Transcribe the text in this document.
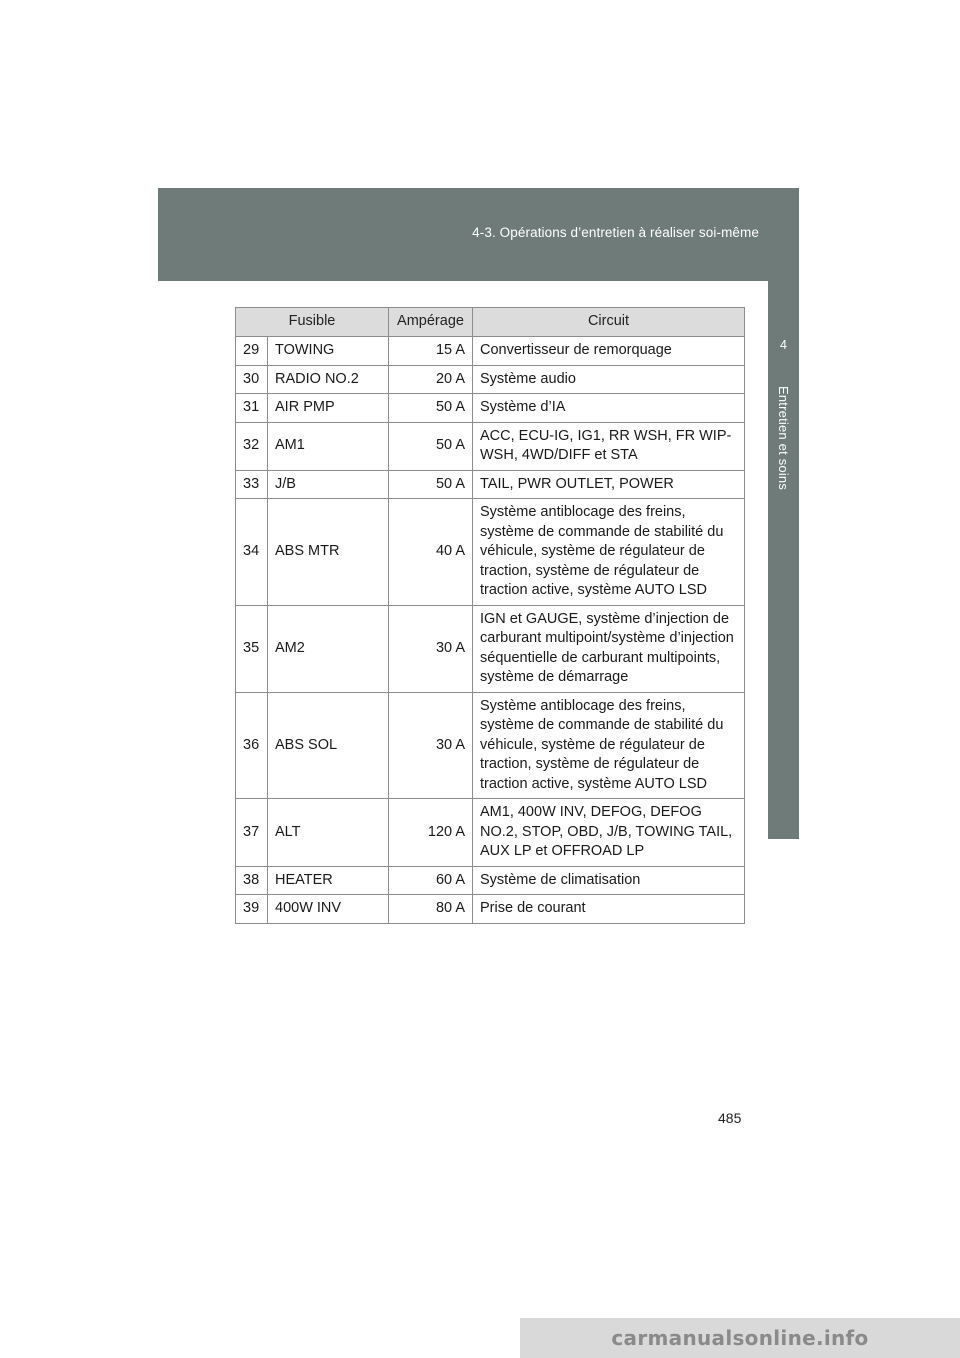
4-3. Opérations d’entretien à réaliser soi-même
4
Entretien et soins
Fusible		Ampérage	Circuit
29	TOWING	15 A	Convertisseur de remorquage
30	RADIO NO.2	20 A	Système audio
31	AIR PMP	50 A	Système d’IA
32	AM1	50 A	ACC, ECU-IG, IG1, RR WSH, FR WIP-WSH, 4WD/DIFF et STA
33	J/B	50 A	TAIL, PWR OUTLET, POWER
34	ABS MTR	40 A	Système antiblocage des freins, système de commande de stabilité du véhicule, système de régulateur de traction, système de régulateur de traction active, système AUTO LSD
35	AM2	30 A	IGN et GAUGE, système d’injection de carburant multipoint/système d’injection séquentielle de carburant multipoints, système de démarrage
36	ABS SOL	30 A	Système antiblocage des freins, système de commande de stabilité du véhicule, système de régulateur de traction, système de régulateur de traction active, système AUTO LSD
37	ALT	120 A	AM1, 400W INV, DEFOG, DEFOG NO.2, STOP, OBD, J/B, TOWING TAIL, AUX LP et OFFROAD LP
38	HEATER	60 A	Système de climatisation
39	400W INV	80 A	Prise de courant
485
carmanualsonline.info
